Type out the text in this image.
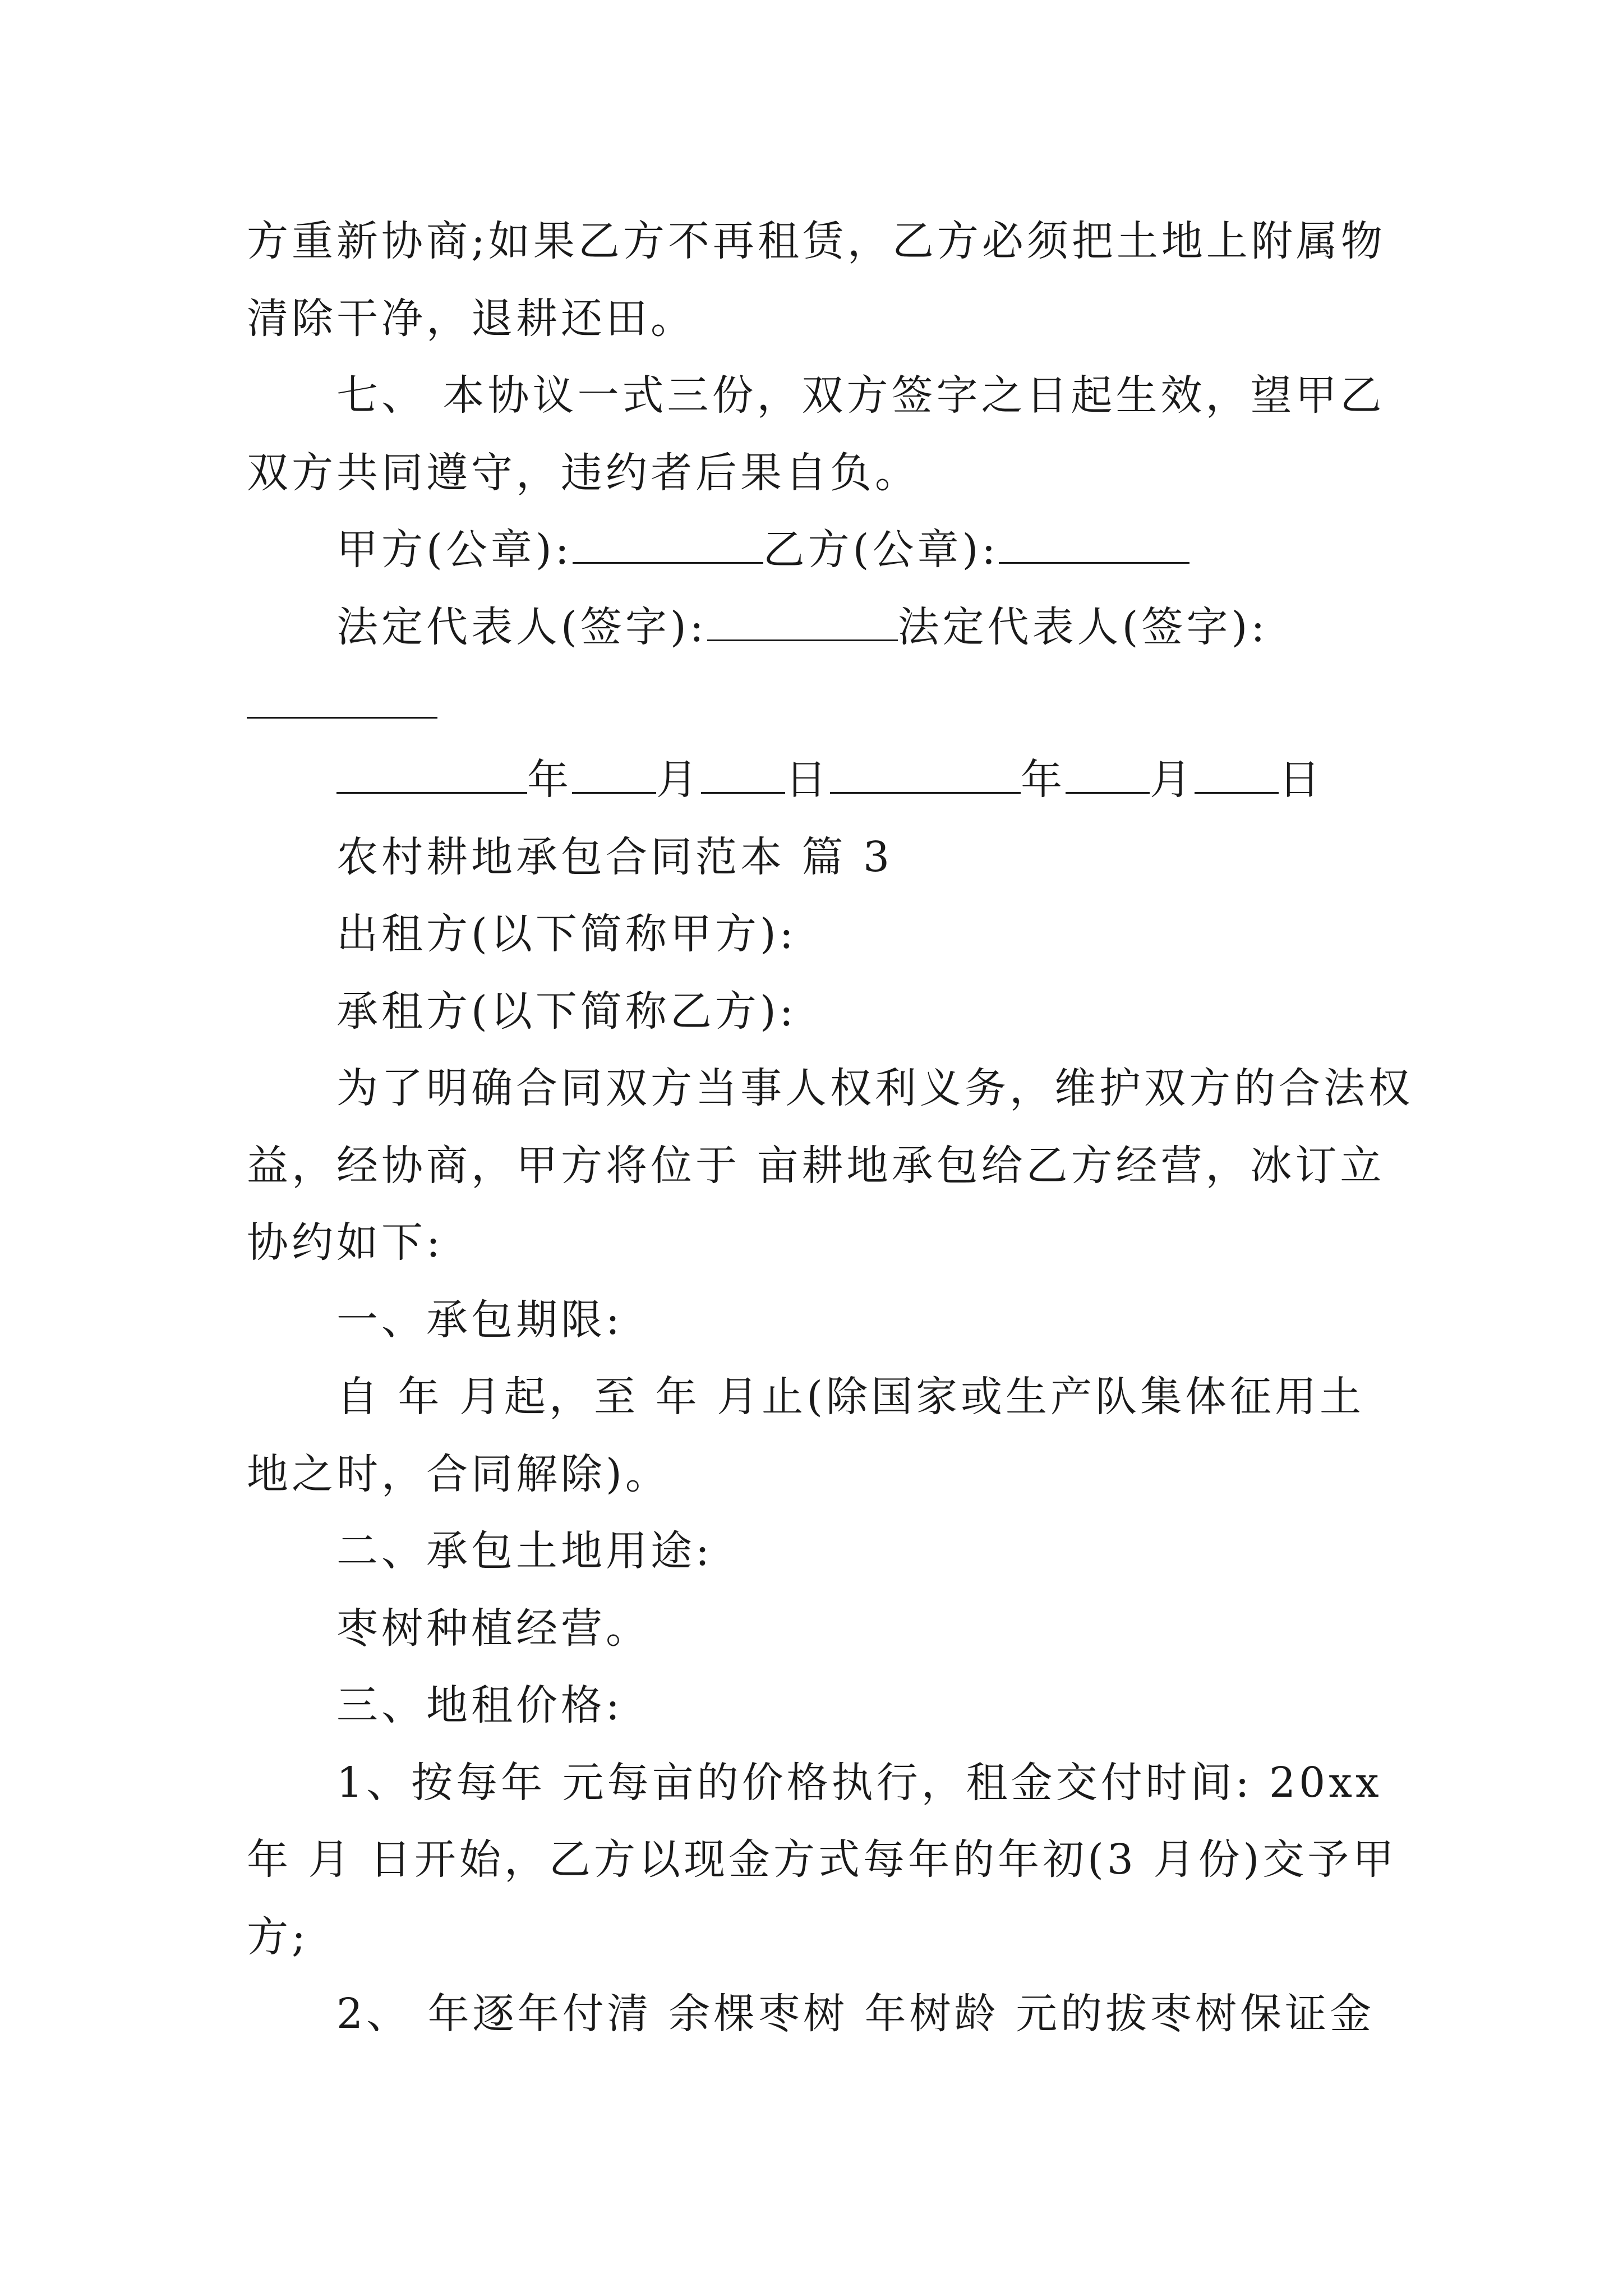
方重新协商;如果乙方不再租赁，乙方必须把土地上附属物
清除干净，退耕还田。
七、 本协议一式三份，双方签字之日起生效，望甲乙
双方共同遵守，违约者后果自负。
甲方(公章):	乙方(公章):
法定代表人(签字):	法定代表人(签字):
年 月 日	年 月 日
农村耕地承包合同范本 篇 3
出租方(以下简称甲方):
承租方(以下简称乙方):
为了明确合同双方当事人权利义务，维护双方的合法权
益，经协商，甲方将位于 亩耕地承包给乙方经营，冰订立
协约如下:
一、承包期限:
自 年 月起，至 年 月止(除国家或生产队集体征用土
地之时，合同解除)。
二、承包土地用途:
枣树种植经营。
三、地租价格:
1、按每年 元每亩的价格执行，租金交付时间: 20xx
年 月 日开始，乙方以现金方式每年的年初(3 月份)交予甲
方;
2、 年逐年付清 余棵枣树 年树龄 元的拔枣树保证金
